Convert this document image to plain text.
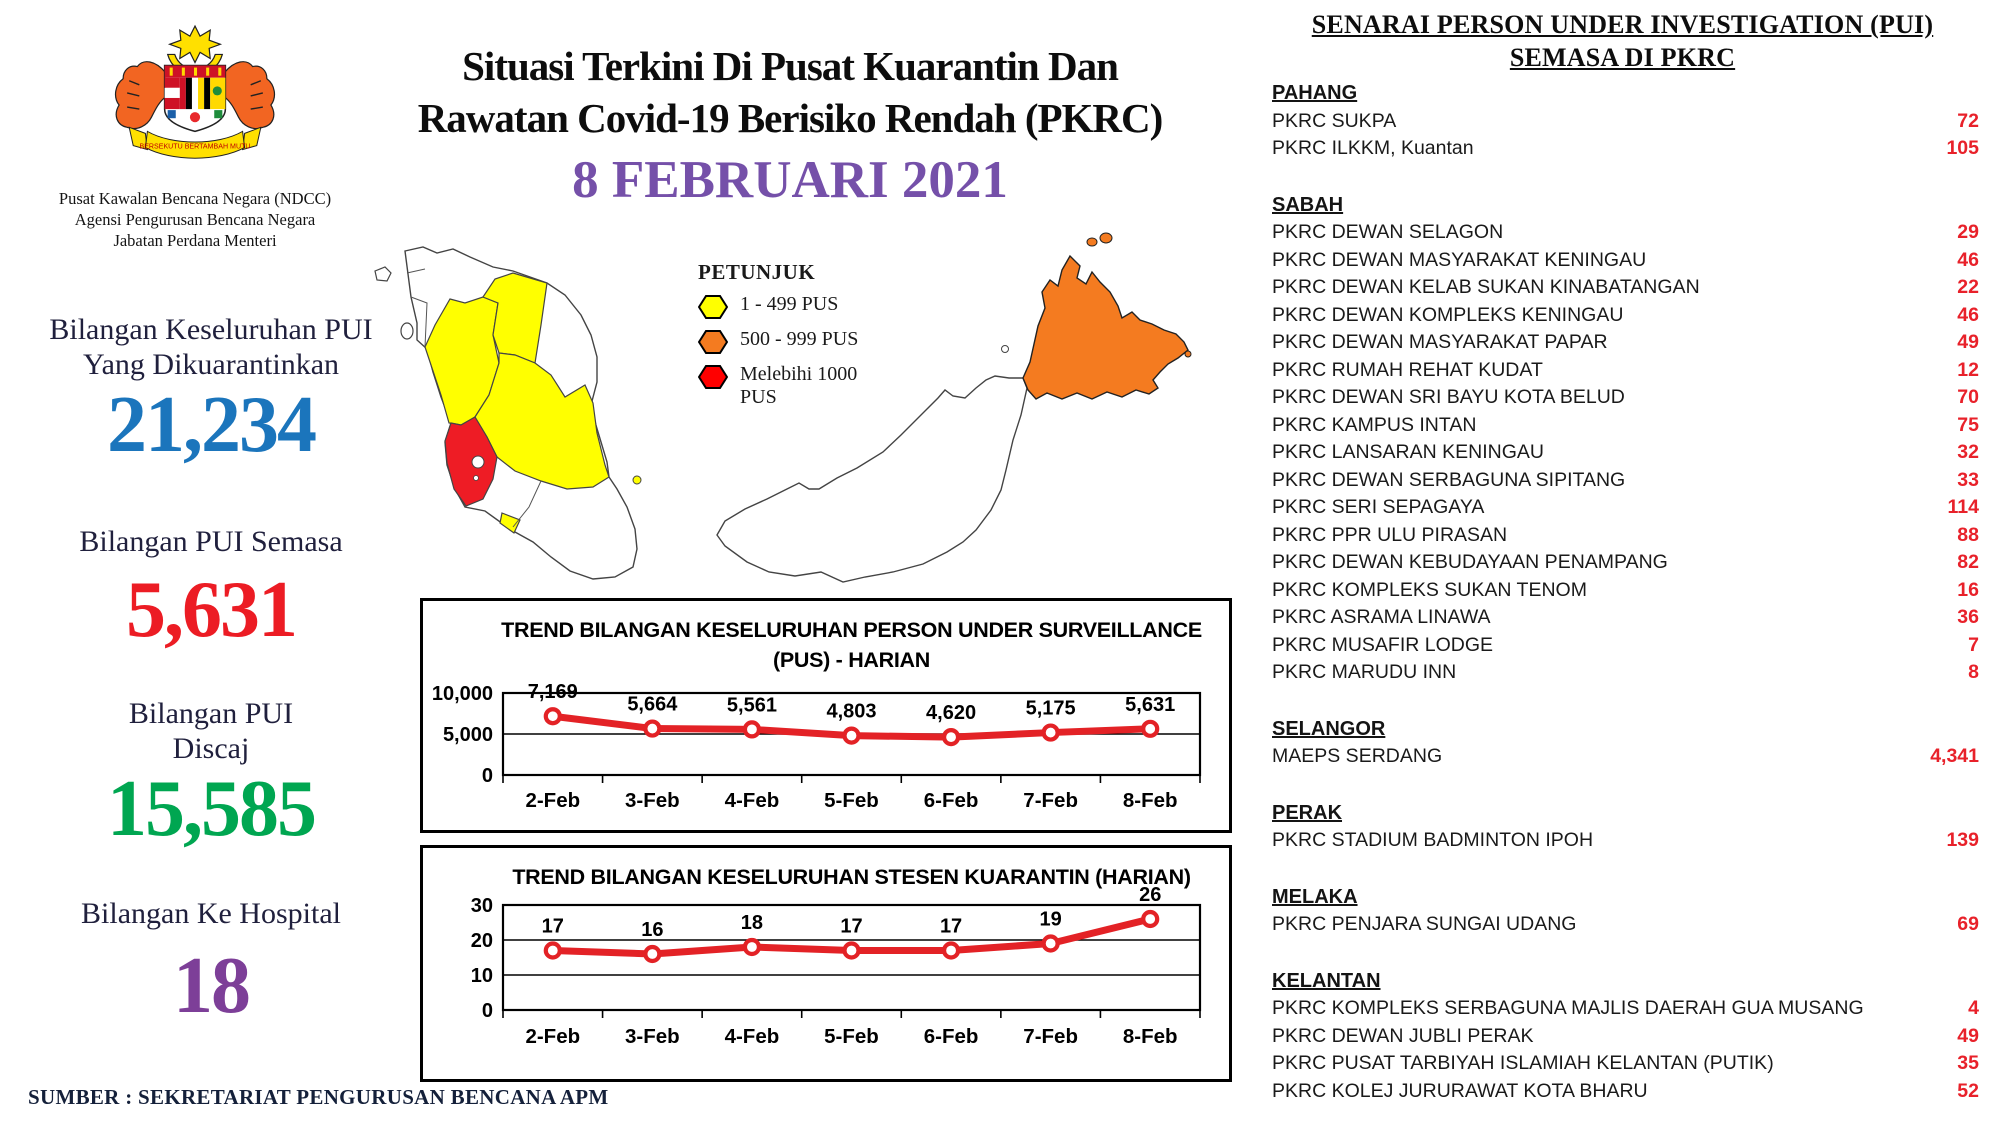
BERSEKUTU BERTAMBAH MUTU
Pusat Kawalan Bencana Negara (NDCC)
Agensi Pengurusan Bencana Negara
Jabatan Perdana Menteri
Situasi Terkini Di Pusat Kuarantin Dan
Rawatan Covid-19 Berisiko Rendah (PKRC)
8 FEBRUARI 2021
Bilangan Keseluruhan PUI
Yang Dikuarantinkan
21,234
Bilangan PUI Semasa
5,631
Bilangan PUI
Discaj
15,585
Bilangan Ke Hospital
18
PETUNJUK
1 - 499 PUS
500 - 999 PUS
Melebihi 1000
PUS
TREND BILANGAN KESELURUHAN PERSON UNDER SURVEILLANCE
(PUS) - HARIAN
0
5,000
10,000 7,169
2-Feb
5,664
3-Feb
5,561
4-Feb
4,803
5-Feb
4,620
6-Feb
5,175
7-Feb
5,631
8-Feb
TREND BILANGAN KESELURUHAN STESEN KUARANTIN (HARIAN)
0
10
20
30
17
2-Feb
16
3-Feb
18
4-Feb
17
5-Feb
17
6-Feb
19
7-Feb
26
8-Feb
SENARAI PERSON UNDER INVESTIGATION (PUI)
SEMASA DI PKRC
PAHANG
PKRC SUKPA	72
PKRC ILKKM, Kuantan	105
SABAH
PKRC DEWAN SELAGON	29
PKRC DEWAN MASYARAKAT KENINGAU	46
PKRC DEWAN KELAB SUKAN KINABATANGAN	22
PKRC DEWAN KOMPLEKS KENINGAU	46
PKRC DEWAN MASYARAKAT PAPAR	49
PKRC RUMAH REHAT KUDAT	12
PKRC DEWAN SRI BAYU KOTA BELUD	70
PKRC KAMPUS INTAN	75
PKRC LANSARAN KENINGAU	32
PKRC DEWAN SERBAGUNA SIPITANG	33
PKRC SERI SEPAGAYA	114
PKRC PPR ULU PIRASAN	88
PKRC DEWAN KEBUDAYAAN PENAMPANG	82
PKRC KOMPLEKS SUKAN TENOM	16
PKRC ASRAMA LINAWA	36
PKRC MUSAFIR LODGE	7
PKRC MARUDU INN	8
SELANGOR
MAEPS SERDANG	4,341
PERAK
PKRC STADIUM BADMINTON IPOH	139
MELAKA
PKRC PENJARA SUNGAI UDANG	69
KELANTAN
PKRC KOMPLEKS SERBAGUNA MAJLIS DAERAH GUA MUSANG	4
PKRC DEWAN JUBLI PERAK	49
PKRC PUSAT TARBIYAH ISLAMIAH KELANTAN (PUTIK)	35
PKRC KOLEJ JURURAWAT KOTA BHARU	52
SUMBER : SEKRETARIAT PENGURUSAN BENCANA APM
